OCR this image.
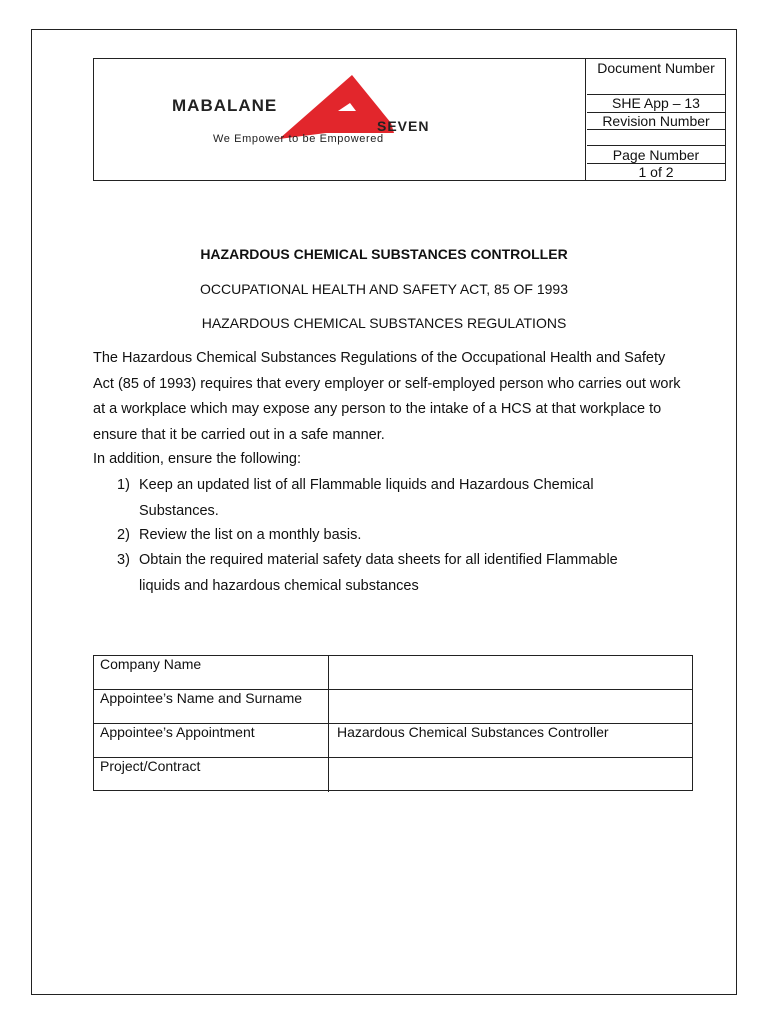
MABALANE
SEVEN
We Empower to be Empowered
Document Number
SHE App – 13
Revision Number
Page Number
1 of 2
HAZARDOUS CHEMICAL SUBSTANCES CONTROLLER
OCCUPATIONAL HEALTH AND SAFETY ACT, 85 OF 1993
HAZARDOUS CHEMICAL SUBSTANCES REGULATIONS
The Hazardous Chemical Substances Regulations of the Occupational Health and Safety Act (85 of 1993) requires that every employer or self-employed person who carries out work at a workplace which may expose any person to the intake of a HCS at that workplace to ensure that it be carried out in a safe manner.
In addition, ensure the following:
1) Keep an updated list of all Flammable liquids and Hazardous Chemical Substances.
2) Review the list on a monthly basis.
3) Obtain the required material safety data sheets for all identified Flammable liquids and hazardous chemical substances
Company Name
Appointee’s Name and Surname
Appointee’s Appointment	Hazardous Chemical Substances Controller
Project/Contract
